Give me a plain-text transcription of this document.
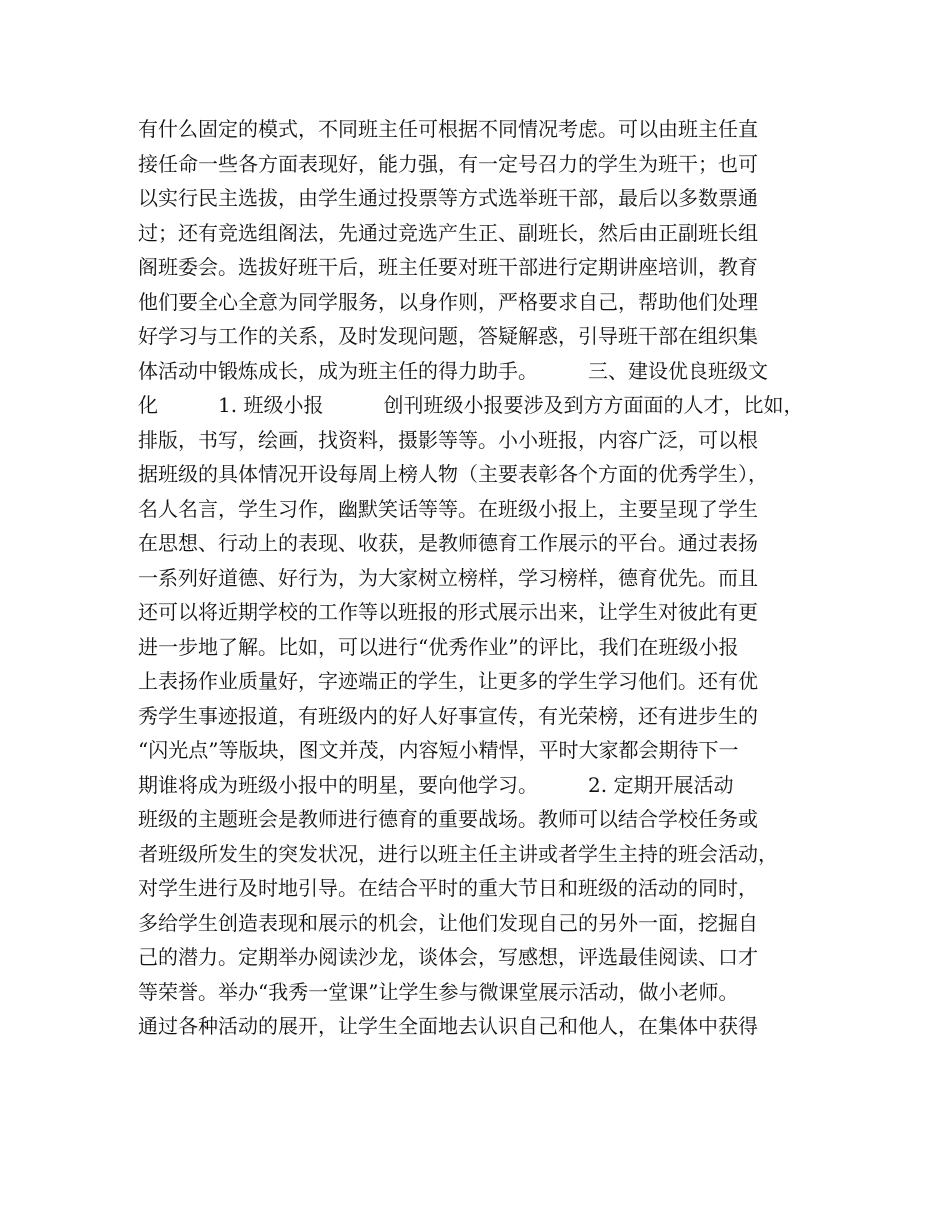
有什么固定的模式，不同班主任可根据不同情况考虑。可以由班主任直
接任命一些各方面表现好，能力强，有一定号召力的学生为班干；也可
以实行民主选拔，由学生通过投票等方式选举班干部，最后以多数票通
过；还有竞选组阁法，先通过竞选产生正、副班长，然后由正副班长组
阁班委会。选拔好班干后，班主任要对班干部进行定期讲座培训，教育
他们要全心全意为同学服务，以身作则，严格要求自己，帮助他们处理
好学习与工作的关系，及时发现问题，答疑解惑，引导班干部在组织集
体活动中锻炼成长，成为班主任的得力助手。　　　三、建设优良班级文
化　　　1. 班级小报　　　创刊班级小报要涉及到方方面面的人才，比如，
排版，书写，绘画，找资料，摄影等等。小小班报，内容广泛，可以根
据班级的具体情况开设每周上榜人物（主要表彰各个方面的优秀学生），
名人名言，学生习作，幽默笑话等等。在班级小报上，主要呈现了学生
在思想、行动上的表现、收获，是教师德育工作展示的平台。通过表扬
一系列好道德、好行为，为大家树立榜样，学习榜样，德育优先。而且
还可以将近期学校的工作等以班报的形式展示出来，让学生对彼此有更
进一步地了解。比如，可以进行“优秀作业”的评比，我们在班级小报
上表扬作业质量好，字迹端正的学生，让更多的学生学习他们。还有优
秀学生事迹报道，有班级内的好人好事宣传，有光荣榜，还有进步生的
“闪光点”等版块，图文并茂，内容短小精悍，平时大家都会期待下一
期谁将成为班级小报中的明星，要向他学习。　　　2. 定期开展活动
班级的主题班会是教师进行德育的重要战场。教师可以结合学校任务或
者班级所发生的突发状况，进行以班主任主讲或者学生主持的班会活动，
对学生进行及时地引导。在结合平时的重大节日和班级的活动的同时，
多给学生创造表现和展示的机会，让他们发现自己的另外一面，挖掘自
己的潜力。定期举办阅读沙龙，谈体会，写感想，评选最佳阅读、口才
等荣誉。举办“我秀一堂课”让学生参与微课堂展示活动，做小老师。
通过各种活动的展开，让学生全面地去认识自己和他人，在集体中获得
